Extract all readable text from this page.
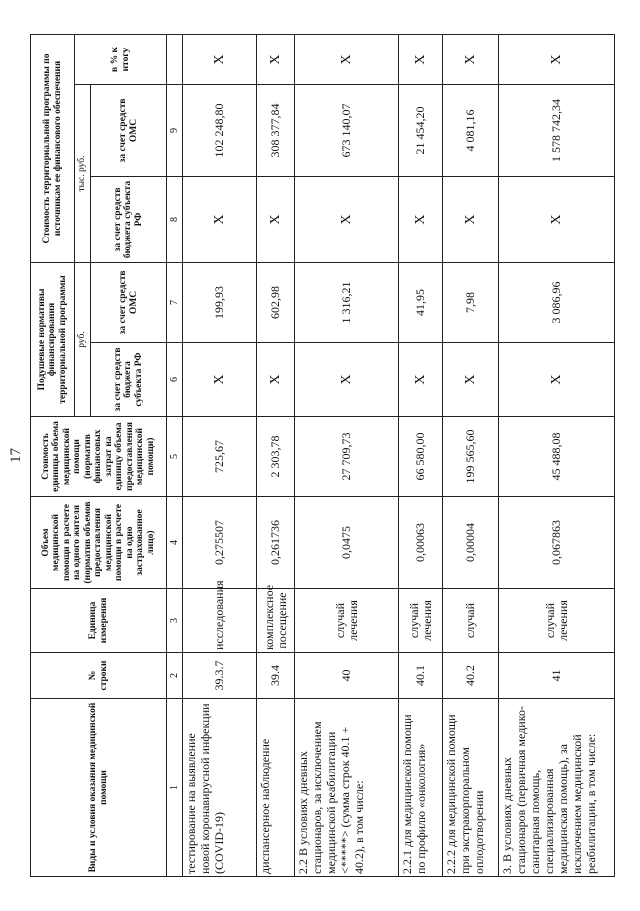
17
Виды и условия оказания медицинской помощи	№ строки	Единица измерения	Объем медицинской помощи в расчете на одного жителя (норматив объемов предоставления медицинской помощи в расчете на одно застрахованное лицо)	Стоимость единицы объема медицинской помощи (норматив финансовых затрат на единицу объема предоставления медицинской помощи)	Подушевые нормативы финансирования территориальной программы		Стоимость территориальной программы по источникам ее финансового обеспечения		
					руб.		тыс. руб.		в % к итогу
					за счет средств бюджета субъекта РФ	за счет средств ОМС	за счет средств бюджета субъекта РФ	за счет средств ОМС	
1	2	3	4	5	6	7	8	9	
тестирование на выявление новой коронавирусной инфекции (COVID-19)	39.3.7	исследования	0,275507	725,67	X	199,93	X	102 248,80	X
диспансерное наблюдение	39.4	комплексное посещение	0,261736	2 303,78	X	602,98	X	308 377,84	X
2.2 В условиях дневных стационаров, за исключением медицинской реабилитации <*****> (сумма строк 40.1 + 40.2), в том числе:	40	случай лечения	0,0475	27 709,73	X	1 316,21	X	673 140,07	X
2.2.1 для медицинской помощи по профилю «онкология»	40.1	случай лечения	0,00063	66 580,00	X	41,95	X	21 454,20	X
2.2.2 для медицинской помощи при экстракорпоральном оплодотворении	40.2	случай	0,00004	199 565,60	X	7,98	X	4 081,16	X
3. В условиях дневных стационаров (первичная медико-санитарная помощь, специализированная медицинская помощь), за исключением медицинской реабилитации, в том числе:	41	случай лечения	0,067863	45 488,08	X	3 086,96	X	1 578 742,34	X
